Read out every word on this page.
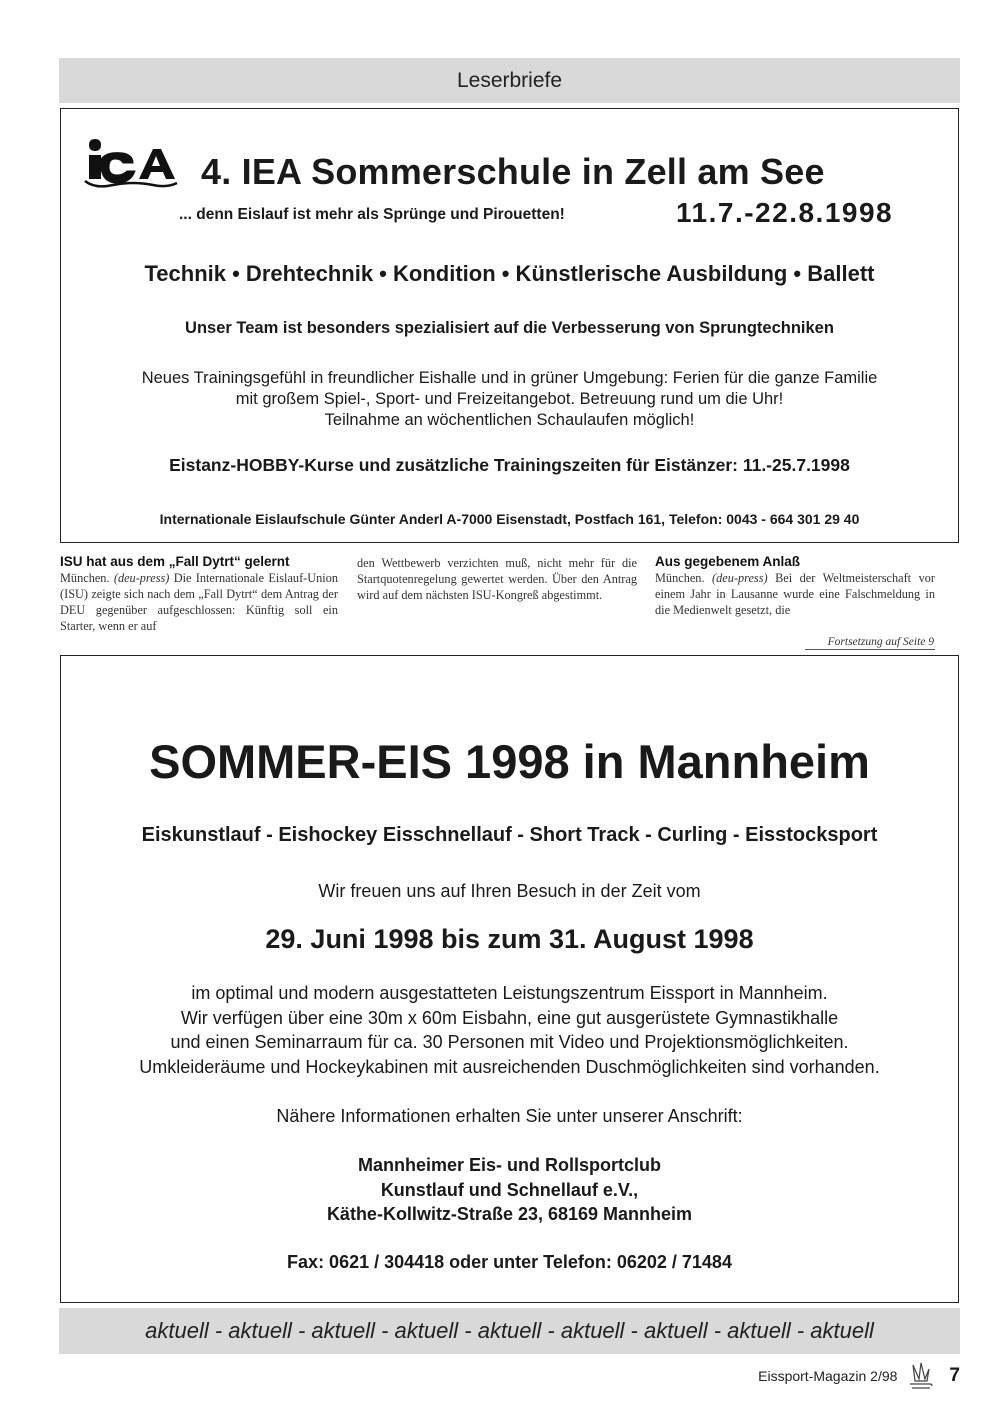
Leserbriefe
4. IEA Sommerschule in Zell am See
... denn Eislauf ist mehr als Sprünge und Pirouetten!	11.7.-22.8.1998
Technik • Drehtechnik • Kondition • Künstlerische Ausbildung • Ballett
Unser Team ist besonders spezialisiert auf die Verbesserung von Sprungtechniken
Neues Trainingsgefühl in freundlicher Eishalle und in grüner Umgebung: Ferien für die ganze Familie
mit großem Spiel-, Sport- und Freizeitangebot. Betreuung rund um die Uhr!
Teilnahme an wöchentlichen Schaulaufen möglich!
Eistanz-HOBBY-Kurse und zusätzliche Trainingszeiten für Eistänzer: 11.-25.7.1998
Internationale Eislaufschule Günter Anderl A-7000 Eisenstadt, Postfach 161, Telefon: 0043 - 664 301 29 40
ISU hat aus dem „Fall Dytrt“ gelernt

München. (deu-press) Die Internationale Eislauf-Union (ISU) zeigte sich nach dem „Fall Dytrt“ dem Antrag der DEU gegenüber aufgeschlossen: Künftig soll ein Starter, wenn er auf

den Wettbewerb verzichten muß, nicht mehr für die Startquotenregelung gewertet werden. Über den Antrag wird auf dem nächsten ISU-Kongreß abgestimmt.

Aus gegebenem Anlaß

München. (deu-press) Bei der Weltmeisterschaft vor einem Jahr in Lausanne wurde eine Falschmeldung in die Medienwelt gesetzt, die

Fortsetzung auf Seite 9
SOMMER-EIS 1998 in Mannheim
Eiskunstlauf - Eishockey Eisschnellauf - Short Track - Curling - Eisstocksport
Wir freuen uns auf Ihren Besuch in der Zeit vom
29. Juni 1998 bis zum 31. August 1998
im optimal und modern ausgestatteten Leistungszentrum Eissport in Mannheim.
Wir verfügen über eine 30m x 60m Eisbahn, eine gut ausgerüstete Gymnastikhalle
und einen Seminarraum für ca. 30 Personen mit Video und Projektionsmöglichkeiten.
Umkleideräume und Hockeykabinen mit ausreichenden Duschmöglichkeiten sind vorhanden.
Nähere Informationen erhalten Sie unter unserer Anschrift:
Mannheimer Eis- und Rollsportclub
Kunstlauf und Schnellauf e.V.,
Käthe-Kollwitz-Straße 23, 68169 Mannheim
Fax: 0621 / 304418 oder unter Telefon: 06202 / 71484
aktuell - aktuell - aktuell - aktuell - aktuell - aktuell - aktuell - aktuell - aktuell
Eissport-Magazin 2/98	7
